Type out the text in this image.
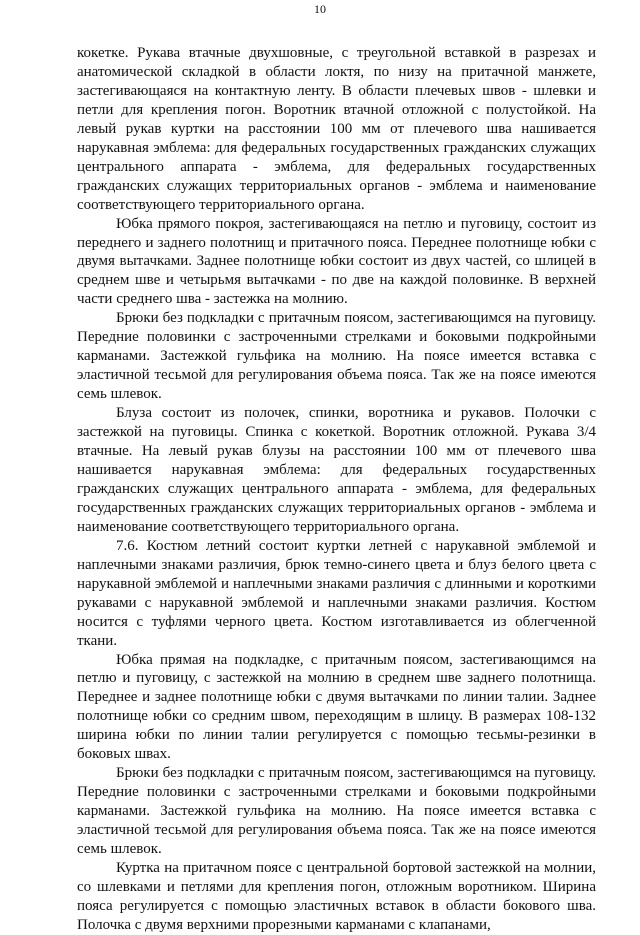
10

кокетке. Рукава втачные двухшовные, с треугольной вставкой в разрезах и анатомической складкой в области локтя, по низу на притачной манжете, застегивающаяся на контактную ленту. В области плечевых швов - шлевки и петли для крепления погон. Воротник втачной отложной с полустойкой. На левый рукав куртки на расстоянии 100 мм от плечевого шва нашивается нарукавная эмблема: для федеральных государственных гражданских служащих центрального аппарата - эмблема, для федеральных государственных гражданских служащих территориальных органов - эмблема и наименование соответствующего территориального органа.

Юбка прямого покроя, застегивающаяся на петлю и пуговицу, состоит из переднего и заднего полотнищ и притачного пояса. Переднее полотнище юбки с двумя вытачками. Заднее полотнище юбки состоит из двух частей, со шлицей в среднем шве и четырьмя вытачками - по две на каждой половинке. В верхней части среднего шва - застежка на молнию.

Брюки без подкладки с притачным поясом, застегивающимся на пуговицу. Передние половинки с застроченными стрелками и боковыми подкройными карманами. Застежкой гульфика на молнию. На поясе имеется вставка с эластичной тесьмой для регулирования объема пояса. Так же на поясе имеются семь шлевок.

Блуза состоит из полочек, спинки, воротника и рукавов. Полочки с застежкой на пуговицы. Спинка с кокеткой. Воротник отложной. Рукава 3/4 втачные. На левый рукав блузы на расстоянии 100 мм от плечевого шва нашивается нарукавная эмблема: для федеральных государственных гражданских служащих центрального аппарата - эмблема, для федеральных государственных гражданских служащих территориальных органов - эмблема и наименование соответствующего территориального органа.

7.6. Костюм летний состоит куртки летней с нарукавной эмблемой и наплечными знаками различия, брюк темно-синего цвета и блуз белого цвета с нарукавной эмблемой и наплечными знаками различия с длинными и короткими рукавами с нарукавной эмблемой и наплечными знаками различия. Костюм носится с туфлями черного цвета. Костюм изготавливается из облегченной ткани.

Юбка прямая на подкладке, с притачным поясом, застегивающимся на петлю и пуговицу, с застежкой на молнию в среднем шве заднего полотнища. Переднее и заднее полотнище юбки с двумя вытачками по линии талии. Заднее полотнище юбки со средним швом, переходящим в шлицу. В размерах 108-132 ширина юбки по линии талии регулируется с помощью тесьмы-резинки в боковых швах.

Брюки без подкладки с притачным поясом, застегивающимся на пуговицу. Передние половинки с застроченными стрелками и боковыми подкройными карманами. Застежкой гульфика на молнию. На поясе имеется вставка с эластичной тесьмой для регулирования объема пояса. Так же на поясе имеются семь шлевок.

Куртка на притачном поясе с центральной бортовой застежкой на молнии, со шлевками и петлями для крепления погон, отложным воротником. Ширина пояса регулируется с помощью эластичных вставок в области бокового шва. Полочка с двумя верхними прорезными карманами с клапанами,
